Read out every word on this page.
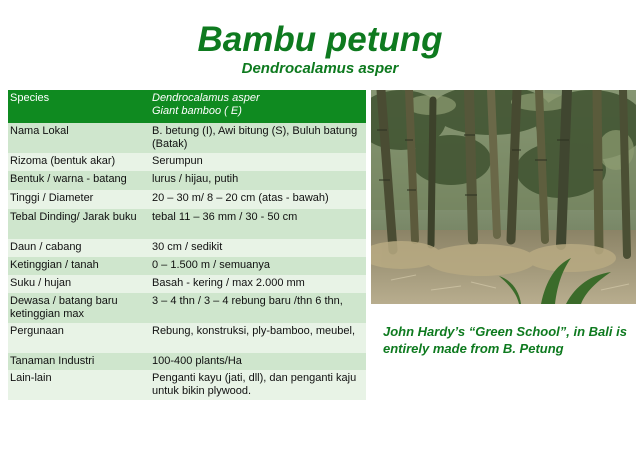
Bambu petung
Dendrocalamus asper
Species	Dendrocalamus asper
Giant bamboo ( E)

Nama Lokal	B. betung (I), Awi bitung (S), Buluh batung (Batak)
Rizoma (bentuk akar)	Serumpun
Bentuk / warna - batang	lurus / hijau, putih
Tinggi / Diameter	20 – 30 m/ 8 – 20 cm (atas - bawah)
Tebal Dinding/ Jarak buku	tebal 11 – 36 mm / 30 - 50 cm
Daun / cabang	30 cm / sedikit
Ketinggian / tanah	0 – 1.500 m / semuanya
Suku / hujan	Basah - kering / max 2.000 mm
Dewasa / batang baru ketinggian max	3 – 4 thn / 3 – 4 rebung baru /thn 6 thn,
Pergunaan	Rebung, konstruksi, ply-bamboo, meubel,
Tanaman Industri	100-400 plants/Ha
Lain-lain	Penganti kayu (jati, dll), dan penganti kaju untuk bikin plywood.
John Hardy’s “Green School”, in Bali is entirely made from B. Petung
